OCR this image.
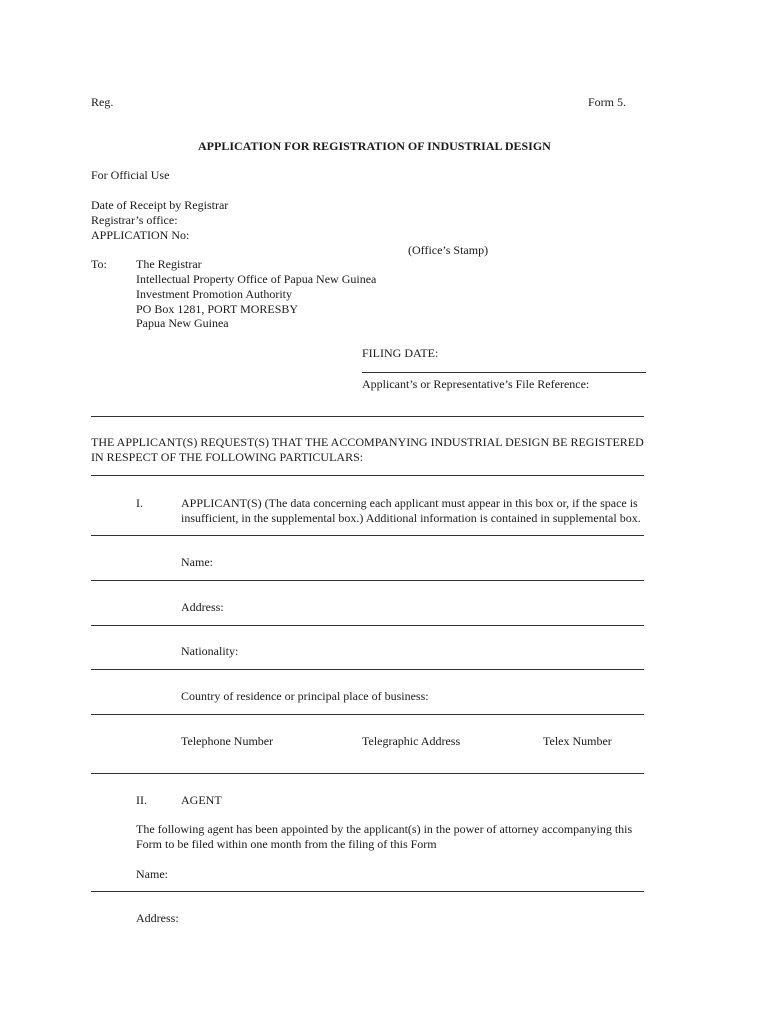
Reg.	Form 5.
APPLICATION FOR REGISTRATION OF INDUSTRIAL DESIGN
For Official Use
Date of Receipt by Registrar
Registrar’s office:
APPLICATION No:
(Office’s Stamp)
To: The Registrar
Intellectual Property Office of Papua New Guinea
Investment Promotion Authority
PO Box 1281, PORT MORESBY
Papua New Guinea
FILING DATE:
Applicant’s or Representative’s File Reference:
THE APPLICANT(S) REQUEST(S) THAT THE ACCOMPANYING INDUSTRIAL DESIGN BE REGISTERED
IN RESPECT OF THE FOLLOWING PARTICULARS:
I.	APPLICANT(S) (The data concerning each applicant must appear in this box or, if the space is
insufficient, in the supplemental box.) Additional information is contained in supplemental box.
Name:
Address:
Nationality:
Country of residence or principal place of business:
Telephone Number	Telegraphic Address	Telex Number
II.	AGENT
The following agent has been appointed by the applicant(s) in the power of attorney accompanying this
Form to be filed within one month from the filing of this Form
Name:
Address:
